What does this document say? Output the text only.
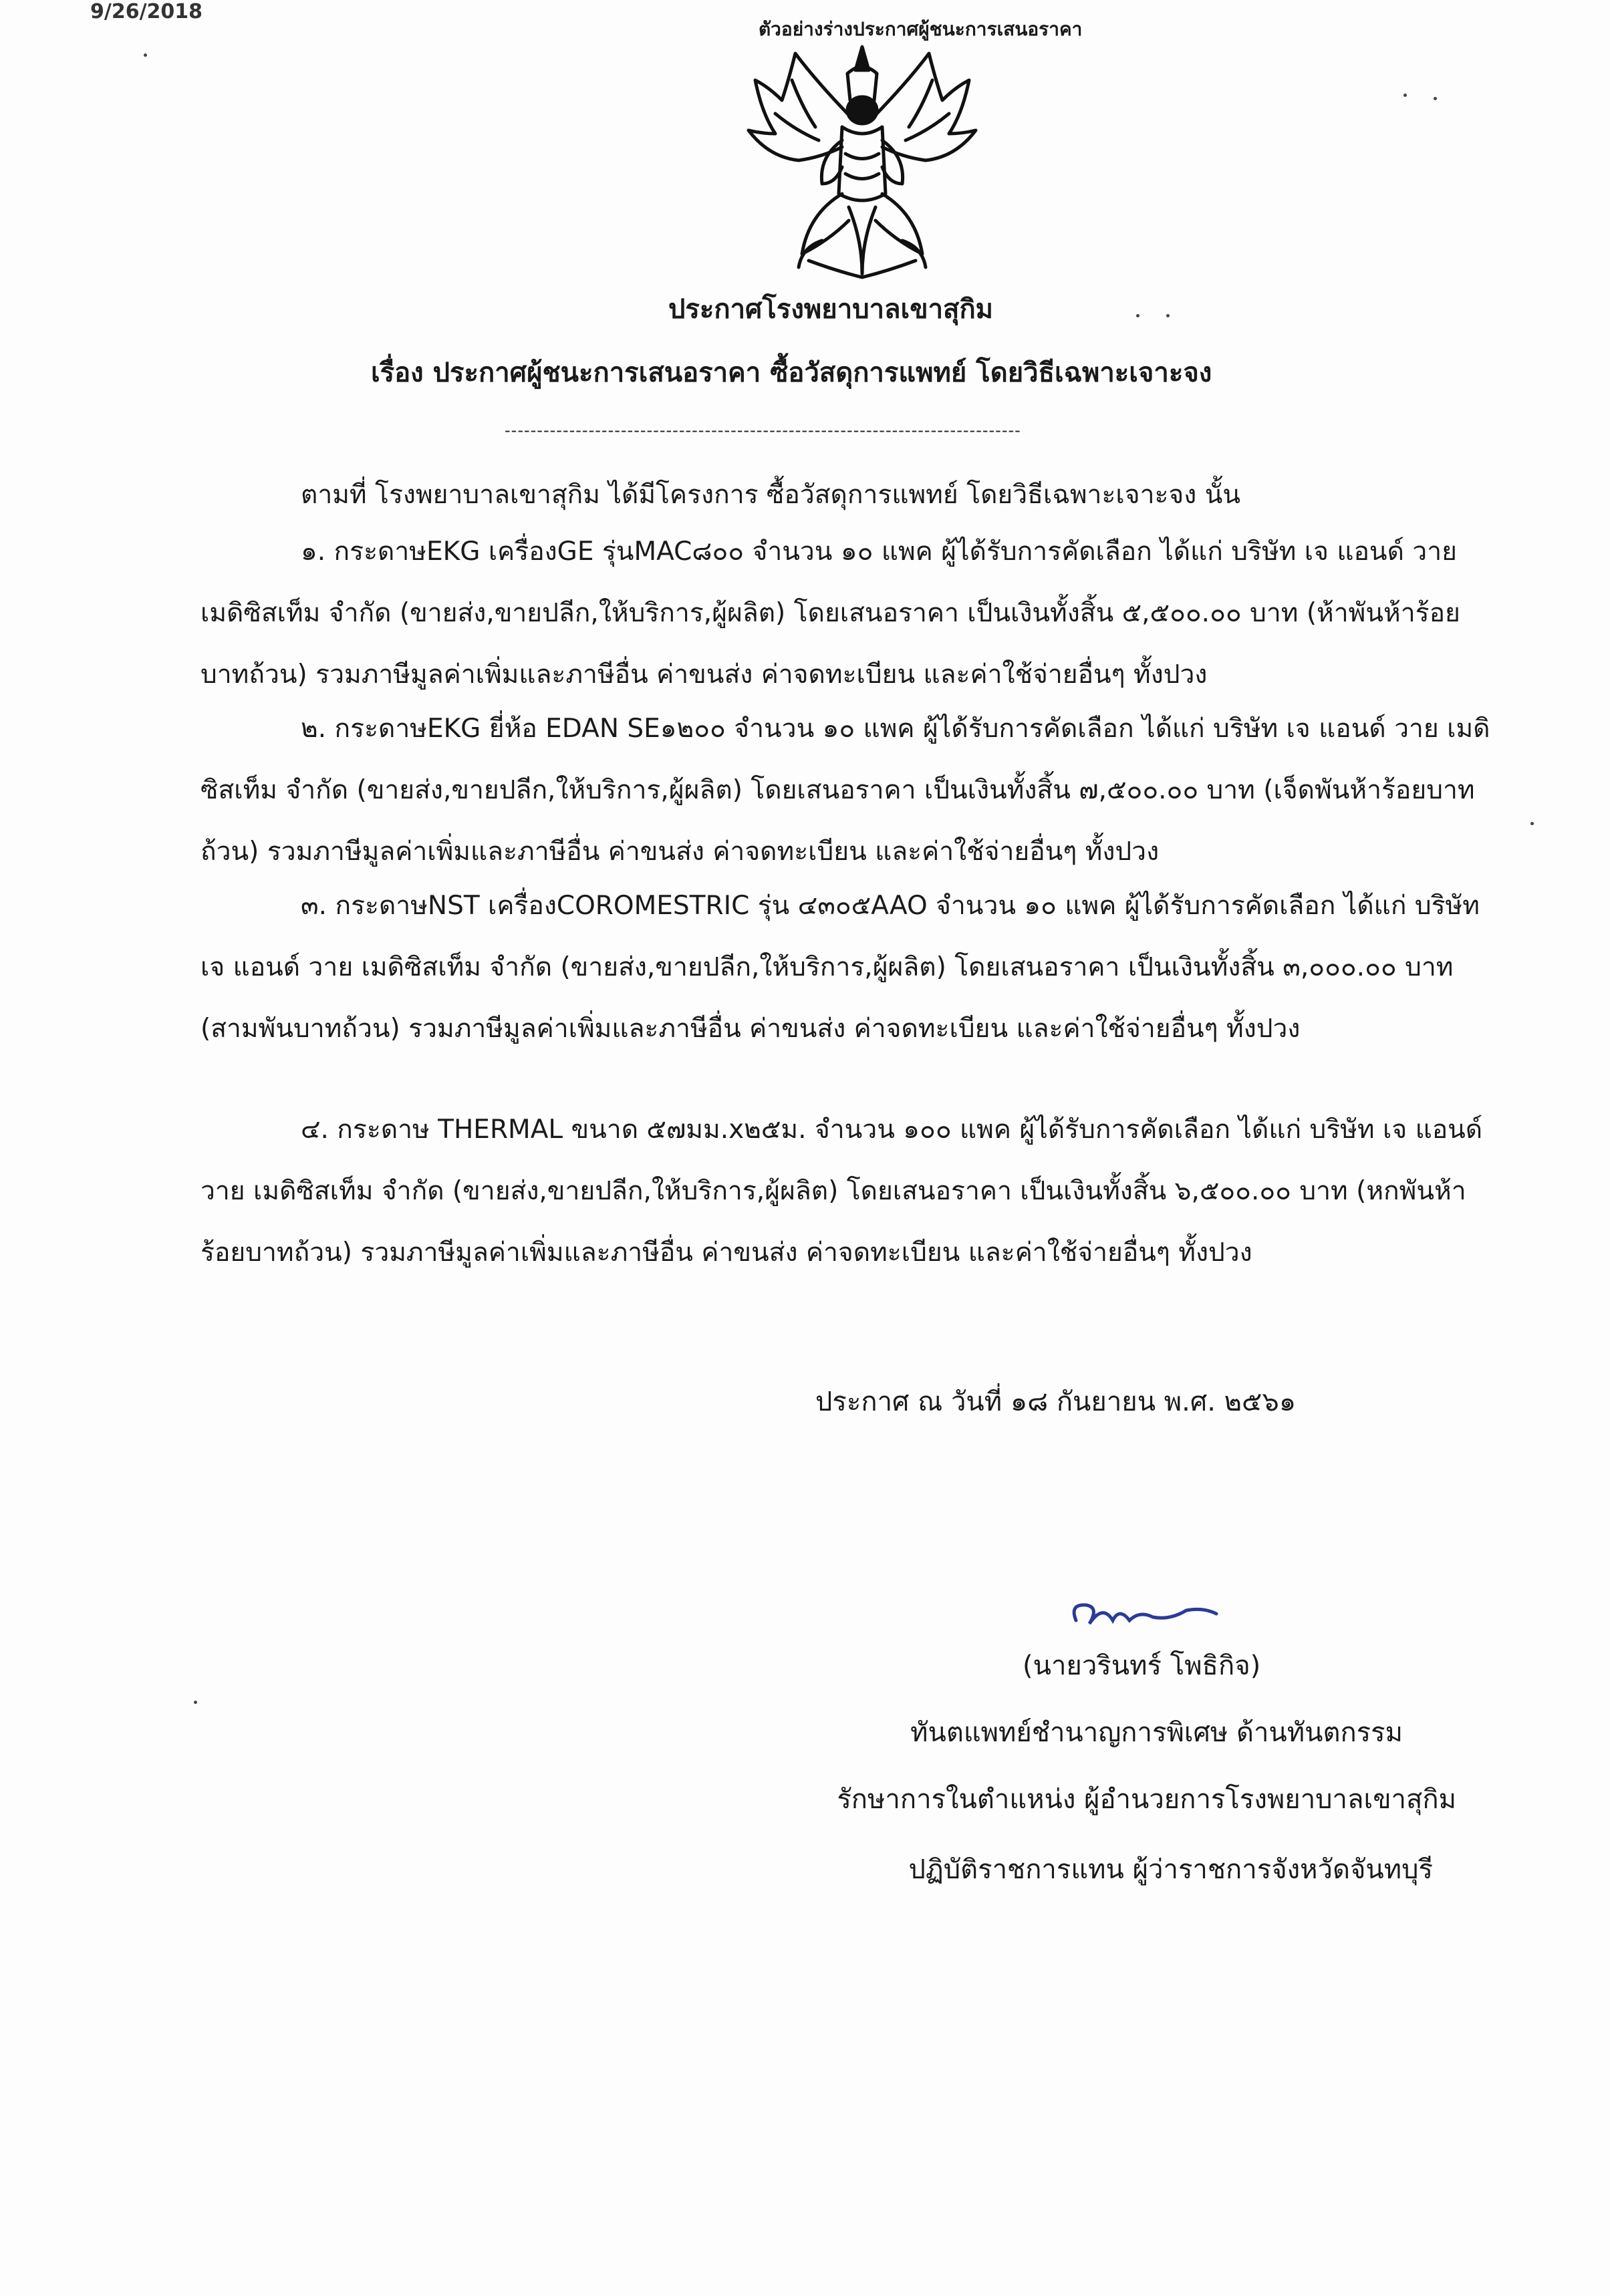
9/26/2018
ตัวอย่างร่างประกาศผู้ชนะการเสนอราคา
ประกาศโรงพยาบาลเขาสุกิม
เรื่อง ประกาศผู้ชนะการเสนอราคา ซื้อวัสดุการแพทย์ โดยวิธีเฉพาะเจาะจง
--------------------------------------------------------------------------------
ตามที่ โรงพยาบาลเขาสุกิม ได้มีโครงการ ซื้อวัสดุการแพทย์ โดยวิธีเฉพาะเจาะจง นั้น
๑. กระดาษEKG เครื่องGE รุ่นMAC๘๐๐ จำนวน ๑๐ แพค ผู้ได้รับการคัดเลือก ได้แก่ บริษัท เจ แอนด์ วาย เมดิซิสเท็ม จำกัด (ขายส่ง,ขายปลีก,ให้บริการ,ผู้ผลิต) โดยเสนอราคา เป็นเงินทั้งสิ้น ๕,๕๐๐.๐๐ บาท (ห้าพันห้าร้อยบาทถ้วน) รวมภาษีมูลค่าเพิ่มและภาษีอื่น ค่าขนส่ง ค่าจดทะเบียน และค่าใช้จ่ายอื่นๆ ทั้งปวง
๒. กระดาษEKG ยี่ห้อ EDAN SE๑๒๐๐ จำนวน ๑๐ แพค ผู้ได้รับการคัดเลือก ได้แก่ บริษัท เจ แอนด์ วาย เมดิซิสเท็ม จำกัด (ขายส่ง,ขายปลีก,ให้บริการ,ผู้ผลิต) โดยเสนอราคา เป็นเงินทั้งสิ้น ๗,๕๐๐.๐๐ บาท (เจ็ดพันห้าร้อยบาทถ้วน) รวมภาษีมูลค่าเพิ่มและภาษีอื่น ค่าขนส่ง ค่าจดทะเบียน และค่าใช้จ่ายอื่นๆ ทั้งปวง
๓. กระดาษNST เครื่องCOROMESTRIC รุ่น ๔๓๐๕AAO จำนวน ๑๐ แพค ผู้ได้รับการคัดเลือก ได้แก่ บริษัท เจ แอนด์ วาย เมดิซิสเท็ม จำกัด (ขายส่ง,ขายปลีก,ให้บริการ,ผู้ผลิต) โดยเสนอราคา เป็นเงินทั้งสิ้น ๓,๐๐๐.๐๐ บาท (สามพันบาทถ้วน) รวมภาษีมูลค่าเพิ่มและภาษีอื่น ค่าขนส่ง ค่าจดทะเบียน และค่าใช้จ่ายอื่นๆ ทั้งปวง
๔. กระดาษ THERMAL ขนาด ๕๗มม.x๒๕ม. จำนวน ๑๐๐ แพค ผู้ได้รับการคัดเลือก ได้แก่ บริษัท เจ แอนด์ วาย เมดิซิสเท็ม จำกัด (ขายส่ง,ขายปลีก,ให้บริการ,ผู้ผลิต) โดยเสนอราคา เป็นเงินทั้งสิ้น ๖,๕๐๐.๐๐ บาท (หกพันห้าร้อยบาทถ้วน) รวมภาษีมูลค่าเพิ่มและภาษีอื่น ค่าขนส่ง ค่าจดทะเบียน และค่าใช้จ่ายอื่นๆ ทั้งปวง
ประกาศ ณ วันที่ ๑๘ กันยายน พ.ศ. ๒๕๖๑
(นายวรินทร์ โพธิกิจ)
ทันตแพทย์ชำนาญการพิเศษ ด้านทันตกรรม
รักษาการในตำแหน่ง ผู้อำนวยการโรงพยาบาลเขาสุกิม
ปฏิบัติราชการแทน ผู้ว่าราชการจังหวัดจันทบุรี
